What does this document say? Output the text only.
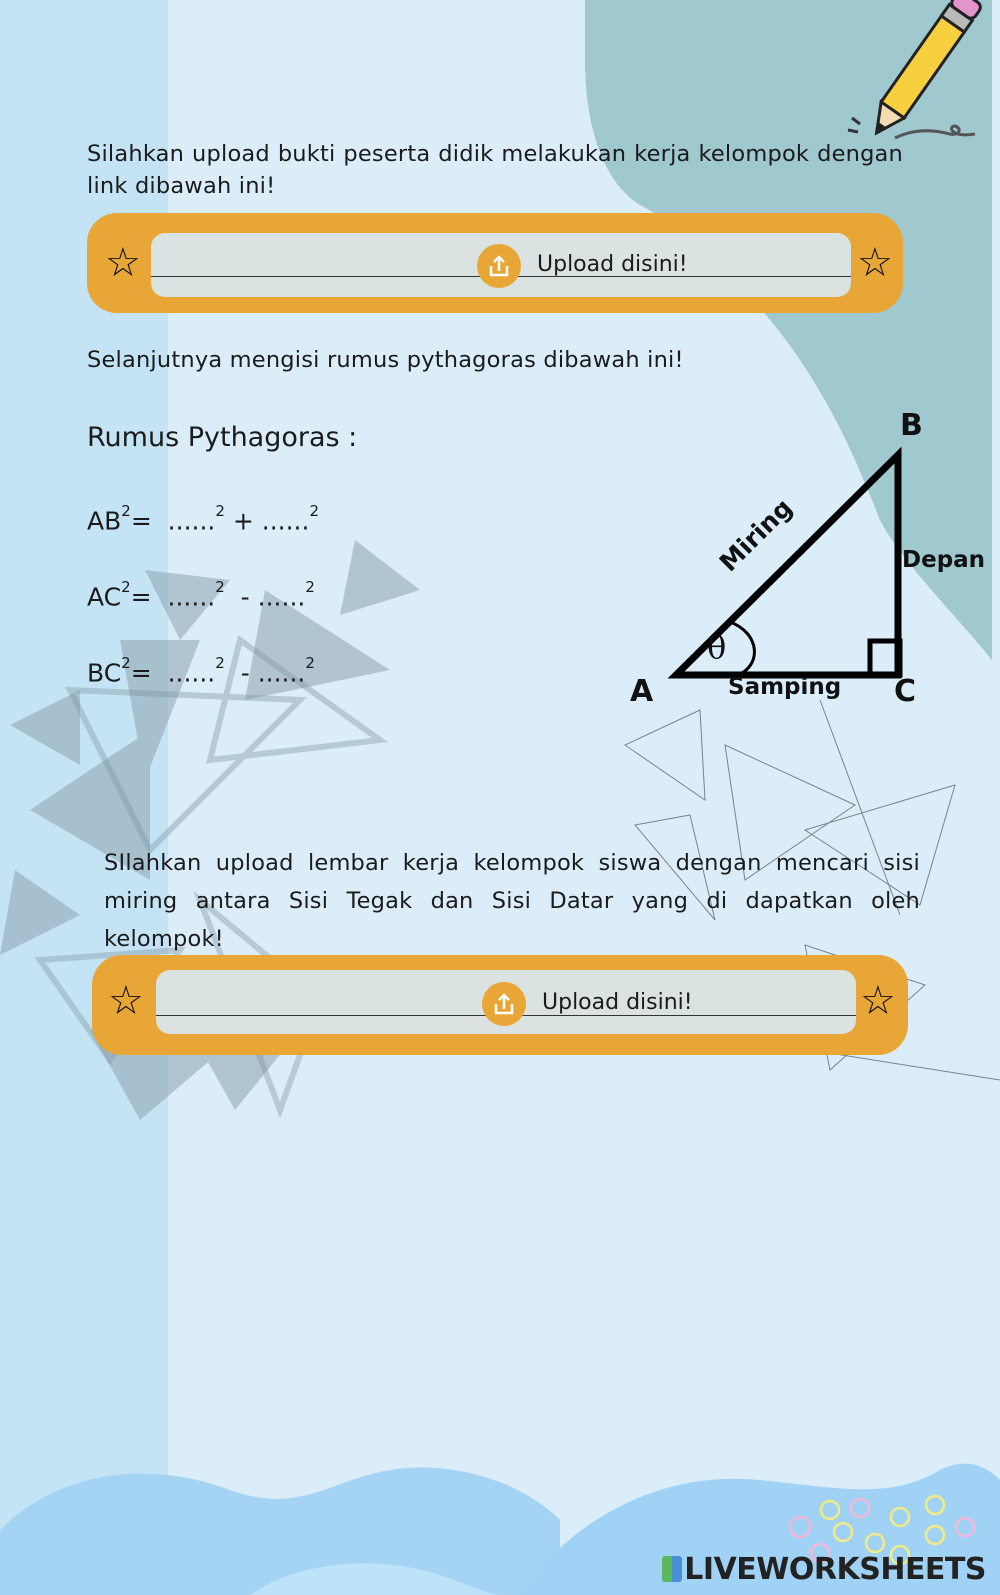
Silahkan upload bukti peserta didik melakukan kerja kelompok dengan link dibawah ini!
☆	Upload disini!	☆
Selanjutnya mengisi rumus pythagoras dibawah ini!
Rumus Pythagoras :
$AB^2= ......^2 + ......^2$
$AC^2= ......^2 - ......^2$
$BC^2= ......^2 - ......^2$
A
B
C
Miring	Depan
Samping
θ
SIlahkan upload lembar kerja kelompok siswa dengan mencari sisi miring antara Sisi Tegak dan Sisi Datar yang di dapatkan oleh kelompok!
☆	Upload disini!	☆
LIVEWORKSHEETS
